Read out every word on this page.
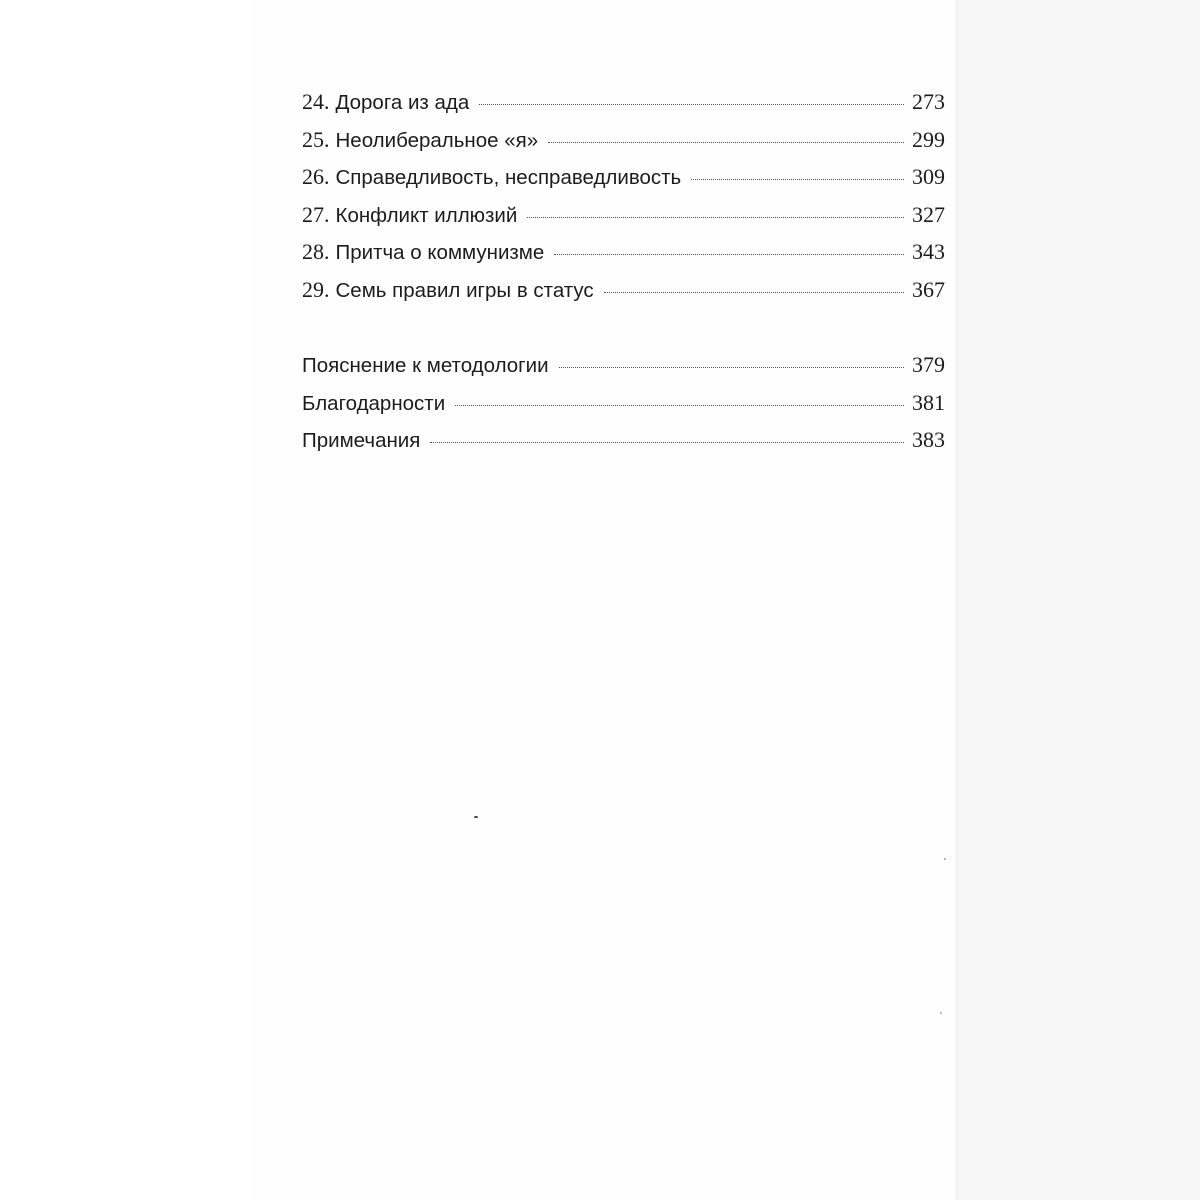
24. Дорога из ада	273
25. Неолиберальное «я»	299
26. Справедливость, несправедливость	309
27. Конфликт иллюзий	327
28. Притча о коммунизме	343
29. Семь правил игры в статус	367
Пояснение к методологии	379
Благодарности	381
Примечания	383
